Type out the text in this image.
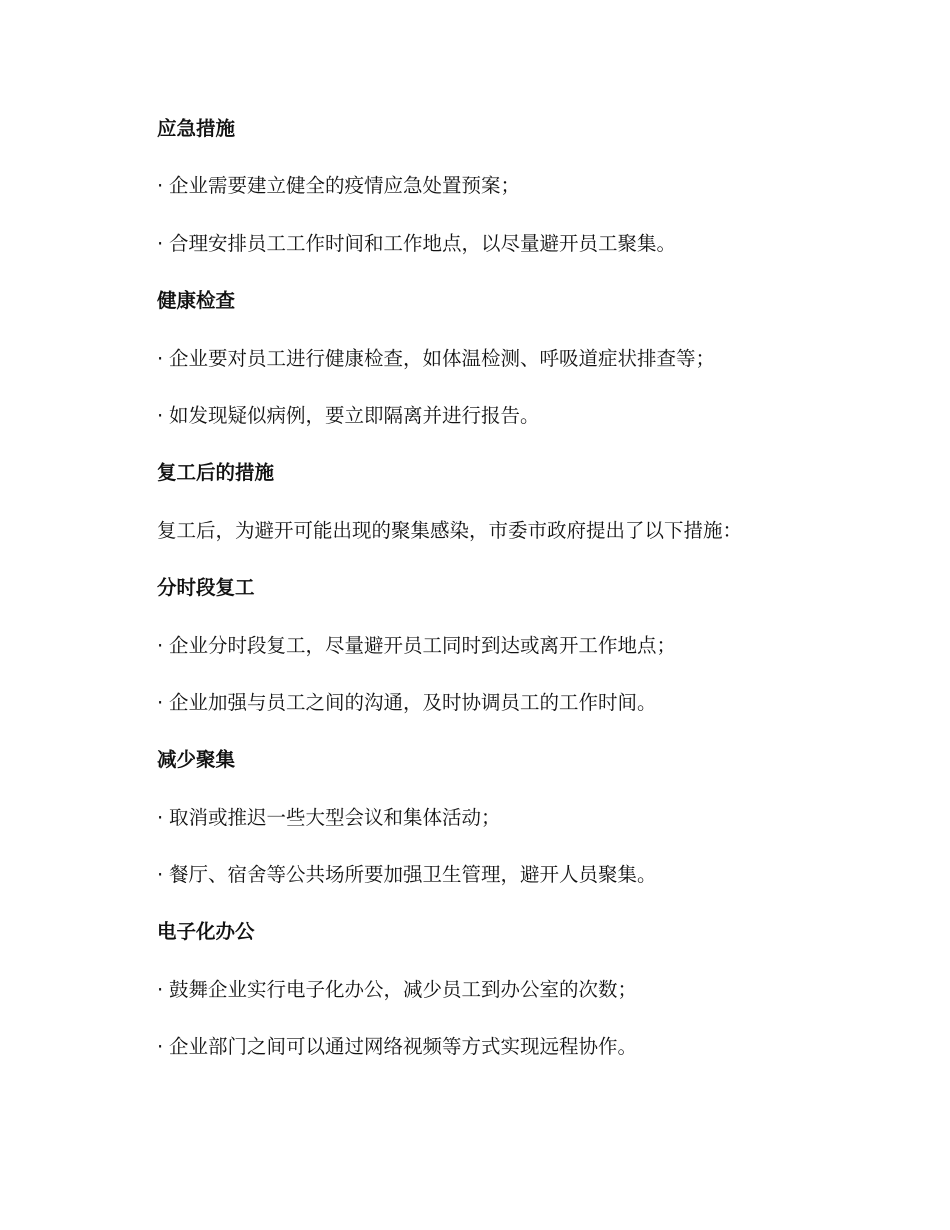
应急措施
· 企业需要建立健全的疫情应急处置预案；
· 合理安排员工工作时间和工作地点，以尽量避开员工聚集。
健康检查
· 企业要对员工进行健康检查，如体温检测、呼吸道症状排查等；
· 如发现疑似病例，要立即隔离并进行报告。
复工后的措施
复工后，为避开可能出现的聚集感染，市委市政府提出了以下措施：
分时段复工
· 企业分时段复工，尽量避开员工同时到达或离开工作地点；
· 企业加强与员工之间的沟通，及时协调员工的工作时间。
减少聚集
· 取消或推迟一些大型会议和集体活动；
· 餐厅、宿舍等公共场所要加强卫生管理，避开人员聚集。
电子化办公
· 鼓舞企业实行电子化办公，减少员工到办公室的次数；
· 企业部门之间可以通过网络视频等方式实现远程协作。
